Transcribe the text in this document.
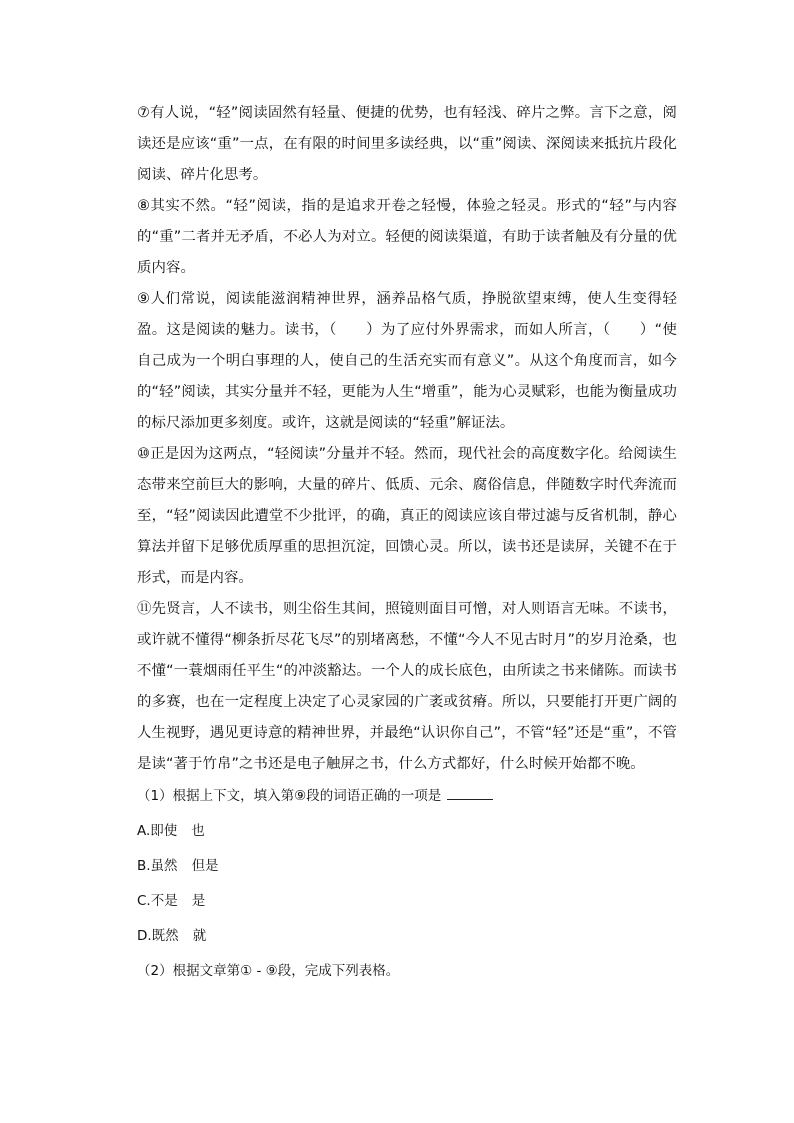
⑦有人说，“轻”阅读固然有轻量、便捷的优势，也有轻浅、碎片之弊。言下之意，阅读还是应该“重”一点，在有限的时间里多读经典，以“重”阅读、深阅读来抵抗片段化阅读、碎片化思考。

⑧其实不然。“轻”阅读，指的是追求开卷之轻慢，体验之轻灵。形式的“轻”与内容的“重”二者并无矛盾，不必人为对立。轻便的阅读渠道，有助于读者触及有分量的优质内容。

⑨人们常说，阅读能滋润精神世界，涵养品格气质，挣脱欲望束缚，使人生变得轻盈。这是阅读的魅力。读书，（　　）为了应付外界需求，而如人所言，（　　）“使自己成为一个明白事理的人，使自己的生活充实而有意义”。从这个角度而言，如今的“轻”阅读，其实分量并不轻，更能为人生“增重”，能为心灵赋彩，也能为衡量成功的标尺添加更多刻度。或许，这就是阅读的“轻重”解证法。

⑩正是因为这两点，“轻阅读”分量并不轻。然而，现代社会的高度数字化。给阅读生态带来空前巨大的影响，大量的碎片、低质、元余、腐俗信息，伴随数字时代奔流而至，“轻”阅读因此遭堂不少批评，的确，真正的阅读应该自带过滤与反省机制，静心算法并留下足够优质厚重的思担沉淀，回馈心灵。所以，读书还是读屏，关键不在于形式，而是内容。

⑪先贤言，人不读书，则尘俗生其间，照镜则面目可憎，对人则语言无味。不读书，或许就不懂得“柳条折尽花飞尽”的别堵离愁，不懂“今人不见古时月”的岁月沧桑，也不懂“一蓑烟雨任平生“的冲淡豁达。一个人的成长底色，由所读之书来储陈。而读书的多赛，也在一定程度上决定了心灵家园的广袤或贫瘠。所以，只要能打开更广阔的人生视野，遇见更诗意的精神世界，并最绝“认识你自己”，不管“轻”还是“重”，不管是读“著于竹帛”之书还是电子触屏之书，什么方式都好，什么时候开始都不晚。

（1）根据上下文，填入第⑨段的词语正确的一项是
A.即使 也
B.虽然 但是
C.不是 是
D.既然 就
（2）根据文章第① - ⑨段，完成下列表格。
